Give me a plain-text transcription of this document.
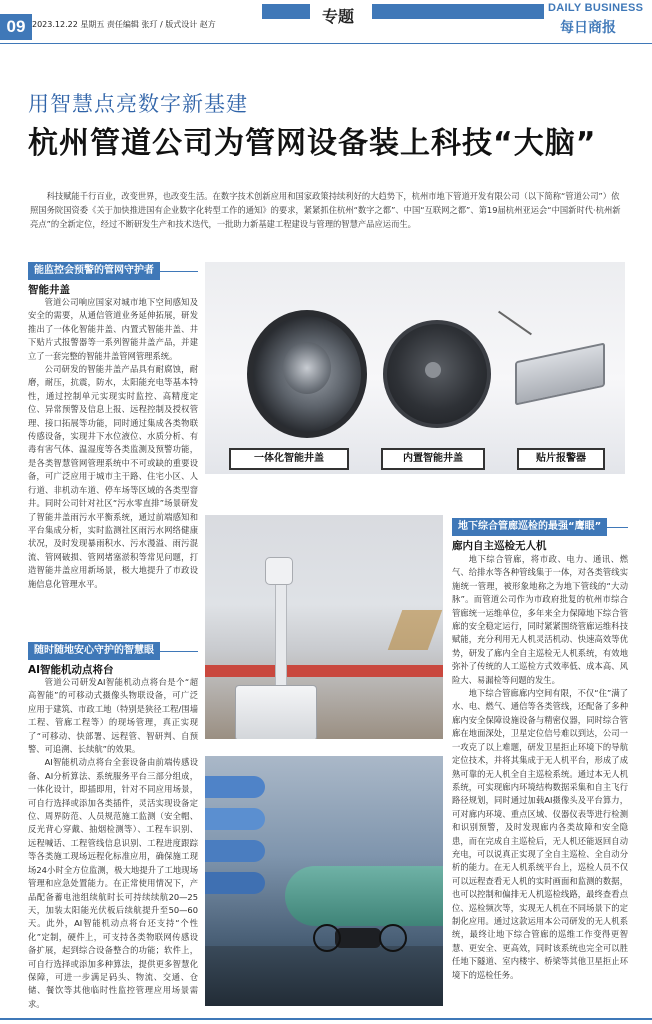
09 2023.12.22 星期五 责任编辑 张玎 / 版式设计 赵方	专题	DAILY BUSINESS
每日商报
用智慧点亮数字新基建
杭州管道公司为管网设备装上科技“大脑”
科技赋能千行百业，改变世界，也改变生活。在数字技术创新应用和国家政策持续利好的大趋势下，杭州市地下管道开发有限公司（以下简称“管道公司”）依照国务院国资委《关于加快推进国有企业数字化转型工作的通知》的要求，紧紧抓住杭州“数字之都”、中国“互联网之都”、第19届杭州亚运会“中国新时代·杭州新亮点”的全新定位，经过不断研发生产和技术迭代，一批助力新基建工程建设与管理的智慧产品应运而生。
能监控会预警的管网守护者
智能井盖

管道公司响应国家对城市地下空间感知及安全的需要，从通信管道业务延伸拓展，研发推出了一体化智能井盖、内置式智能井盖、井下贴片式报警器等一系列智能井盖产品，并建立了一套完整的智能井盖管网管理系统。

公司研发的智能井盖产品具有耐腐蚀，耐磨，耐压，抗震，防水，太阳能充电等基本特性，通过控制单元实现实时监控、高精度定位、异常预警及信息上报、远程控制及授权管理、接口拓展等功能，同时通过集成各类物联传感设备，实现井下水位液位、水质分析、有毒有害气体、温湿度等各类监测及预警功能，是各类智慧管网管理系统中不可或缺的重要设备，可广泛应用于城市主干路、住宅小区、人行道、非机动车道、停车场等区域的各类型窨井。同时公司针对社区“污水零直排”场景研发了智能井盖雨污水平衡系统，通过前端感知和平台集成分析，实时监测社区雨污水网络健康状况，及时发现暴雨积水、污水漫溢、雨污混流、管网破损、管网堵塞淤积等常见问题，打造智能井盖应用新场景，极大地提升了市政设施信息化管理水平。

一体化智能井盖	内置智能井盖	贴片报警器
地下综合管廊巡检的最强“鹰眼”
廊内自主巡检无人机

地下综合管廊，将市政、电力、通讯、燃气、给排水等各种管线集于一体，对各类管线实施统一管理，被形象地称之为地下管线的“大动脉”。而管道公司作为市政府批复的杭州市综合管廊统一运维单位，多年来全力保障地下综合管廊的安全稳定运行，同时紧紧围绕管廊运维科技赋能，充分利用无人机灵活机动、快速高效等优势，研发了廊内全自主巡检无人机系统，有效地弥补了传统的人工巡检方式效率低、成本高、风险大、易漏检等问题的发生。

地下综合管廊廊内空间有限，不仅“住”满了水、电、燃气、通信等各类管线，还配备了多种廊内安全保障设施设备与精密仪器，同时综合管廊在地面深处，卫星定位信号难以到达，公司一一攻克了以上难题，研发卫星拒止环境下的导航定位技术，并将其集成于无人机平台，形成了成熟可靠的无人机全自主巡检系统。通过本无人机系统，可实现廊内环境结构数据采集和自主飞行路径规划，同时通过加载AI摄像头及平台算力，可对廊内环境、重点区域、仪器仪表等进行检测和识别预警，及时发现廊内各类故障和安全隐患，而在完成自主巡检后，无人机还能返回自动充电，可以说真正实现了全自主巡检、全自动分析的能力。在无人机系统平台上，巡检人员不仅可以远程查看无人机的实时画面和监测的数据，也可以控制和偏排无人机巡检线路，最终查看点位、巡检频次等，实现无人机在不同场景下的定制化应用。通过这款运用本公司研发的无人机系统，最终让地下综合管廊的巡维工作变得更智慧、更安全、更高效，同时该系统也完全可以胜任地下隧道、室内楼宇、桥梁等其他卫星拒止环境下的巡检任务。

随时随地安心守护的智慧眼
AI智能机动点将台

管道公司研发AI智能机动点将台是个“超高智能”的可移动式摄像头物联设备，可广泛应用于建筑、市政工地（特别是狭径工程/围墙工程、管廊工程等）的现场管理，真正实现了“可移动、快部署、远程管、智研判、自预警、可追溯、长续航”的效果。

AI智能机动点将台全套设备由前端传感设备、AI分析算法、系统服务平台三部分组成，一体化设计，即插即用，针对不同应用场景，可自行选择或添加各类插件，灵活实现设备定位、周界防范、人员规范施工监测（安全帽、反光背心穿戴、抽烟检测等）、工程车识别、远程喊话、工程管线信息识别、工程进度跟踪等各类施工现场远程化标准应用，确保施工现场24小时全方位监测，极大地提升了工地现场管理和应急处置能力。在正常使用情况下，产品配备蓄电池组续航时长可持续续航20—25天，加装太阳能光伏板后续航提升至50—60天。此外，AI智能机动点将台还支持“个性化”定制，硬件上，可支持各类物联网传感设备扩展，起到综合设备整合的功能；软件上，可自行选择或添加多种算法，提供更多智慧化保障，可进一步满足码头、物流、交通、仓储、餐饮等其他临时性监控管理应用场景需求。
